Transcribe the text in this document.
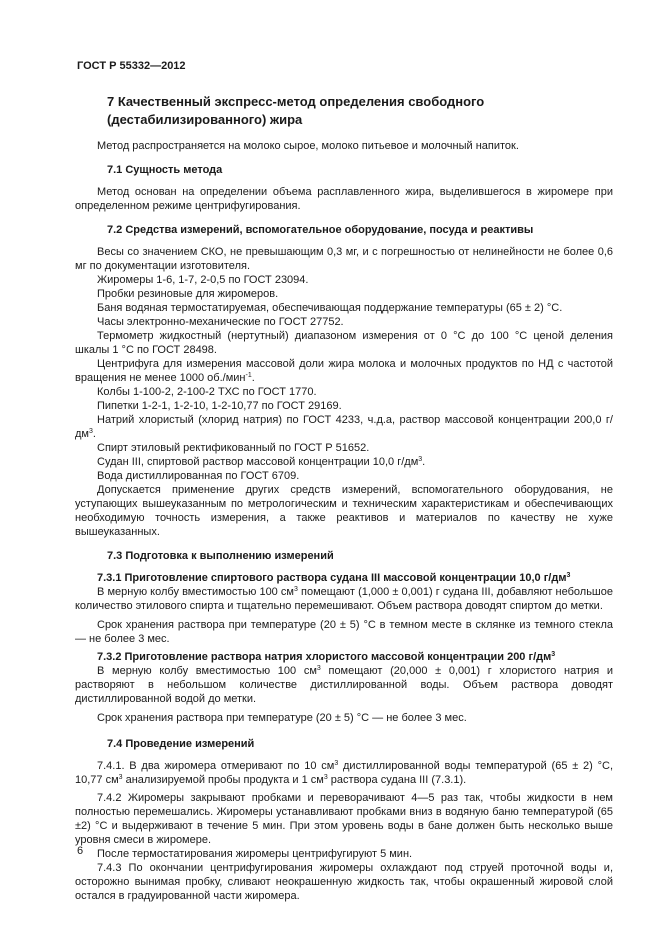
ГОСТ Р 55332—2012
7 Качественный экспресс-метод определения свободного (дестабилизированного) жира

Метод распространяется на молоко сырое, молоко питьевое и молочный напиток.

7.1 Сущность метода

Метод основан на определении объема расплавленного жира, выделившегося в жиромере при определенном режиме центрифугирования.

7.2 Средства измерений, вспомогательное оборудование, посуда и реактивы

Весы со значением СКО, не превышающим 0,3 мг, и с погрешностью от нелинейности не более 0,6 мг по документации изготовителя.

Жиромеры 1-6, 1-7, 2-0,5 по ГОСТ 23094.

Пробки резиновые для жиромеров.

Баня водяная термостатируемая, обеспечивающая поддержание температуры (65 ± 2) °С.

Часы электронно-механические по ГОСТ 27752.

Термометр жидкостный (нертутный) диапазоном измерения от 0 °С до 100 °С ценой деления шкалы 1 °С по ГОСТ 28498.

Центрифуга для измерения массовой доли жира молока и молочных продуктов по НД с частотой вращения не менее 1000 об./мин$^{-1}$.

Колбы 1-100-2, 2-100-2 ТХС по ГОСТ 1770.

Пипетки 1-2-1, 1-2-10, 1-2-10,77 по ГОСТ 29169.

Натрий хлористый (хлорид натрия) по ГОСТ 4233, ч.д.а, раствор массовой концентрации 200,0 $г/дм^3$.

Спирт этиловый ректификованный по ГОСТ Р 51652.

Судан III, спиртовой раствор массовой концентрации 10,0 $г/дм^3$.

Вода дистиллированная по ГОСТ 6709.

Допускается применение других средств измерений, вспомогательного оборудования, не уступающих вышеуказанным по метрологическим и техническим характеристикам и обеспечивающих необходимую точность измерения, а также реактивов и материалов по качеству не хуже вышеуказанных.

7.3 Подготовка к выполнению измерений
7.3.1 Приготовление спиртового раствора судана III массовой концентрации 10,0 $г/дм^3$

В мерную колбу вместимостью 100 $см^3$ помещают (1,000 ± 0,001) г судана III, добавляют небольшое количество этилового спирта и тщательно перемешивают. Объем раствора доводят спиртом до метки.

Срок хранения раствора при температуре (20 ± 5) °С в темном месте в склянке из темного стекла — не более 3 мес.

7.3.2 Приготовление раствора натрия хлористого массовой концентрации 200 $г/дм^3$

В мерную колбу вместимостью 100 $см^3$ помещают (20,000 ± 0,001) г хлористого натрия и растворяют в небольшом количестве дистиллированной воды. Объем раствора доводят дистиллированной водой до метки.

Срок хранения раствора при температуре (20 ± 5) °С — не более 3 мес.

7.4 Проведение измерений

7.4.1. В два жиромера отмеривают по 10 $см^3$ дистиллированной воды температурой (65 ± 2) °С, 10,77 $см^3$ анализируемой пробы продукта и 1 $см^3$ раствора судана III (7.3.1).

7.4.2 Жиромеры закрывают пробками и переворачивают 4—5 раз так, чтобы жидкости в нем полностью перемешались. Жиромеры устанавливают пробками вниз в водяную баню температурой (65 ±2) °С и выдерживают в течение 5 мин. При этом уровень воды в бане должен быть несколько выше уровня смеси в жиромере.

После термостатирования жиромеры центрифугируют 5 мин.

7.4.3 По окончании центрифугирования жиромеры охлаждают под струей проточной воды и, осторожно вынимая пробку, сливают неокрашенную жидкость так, чтобы окрашенный жировой слой остался в градуированной части жиромера.

6
